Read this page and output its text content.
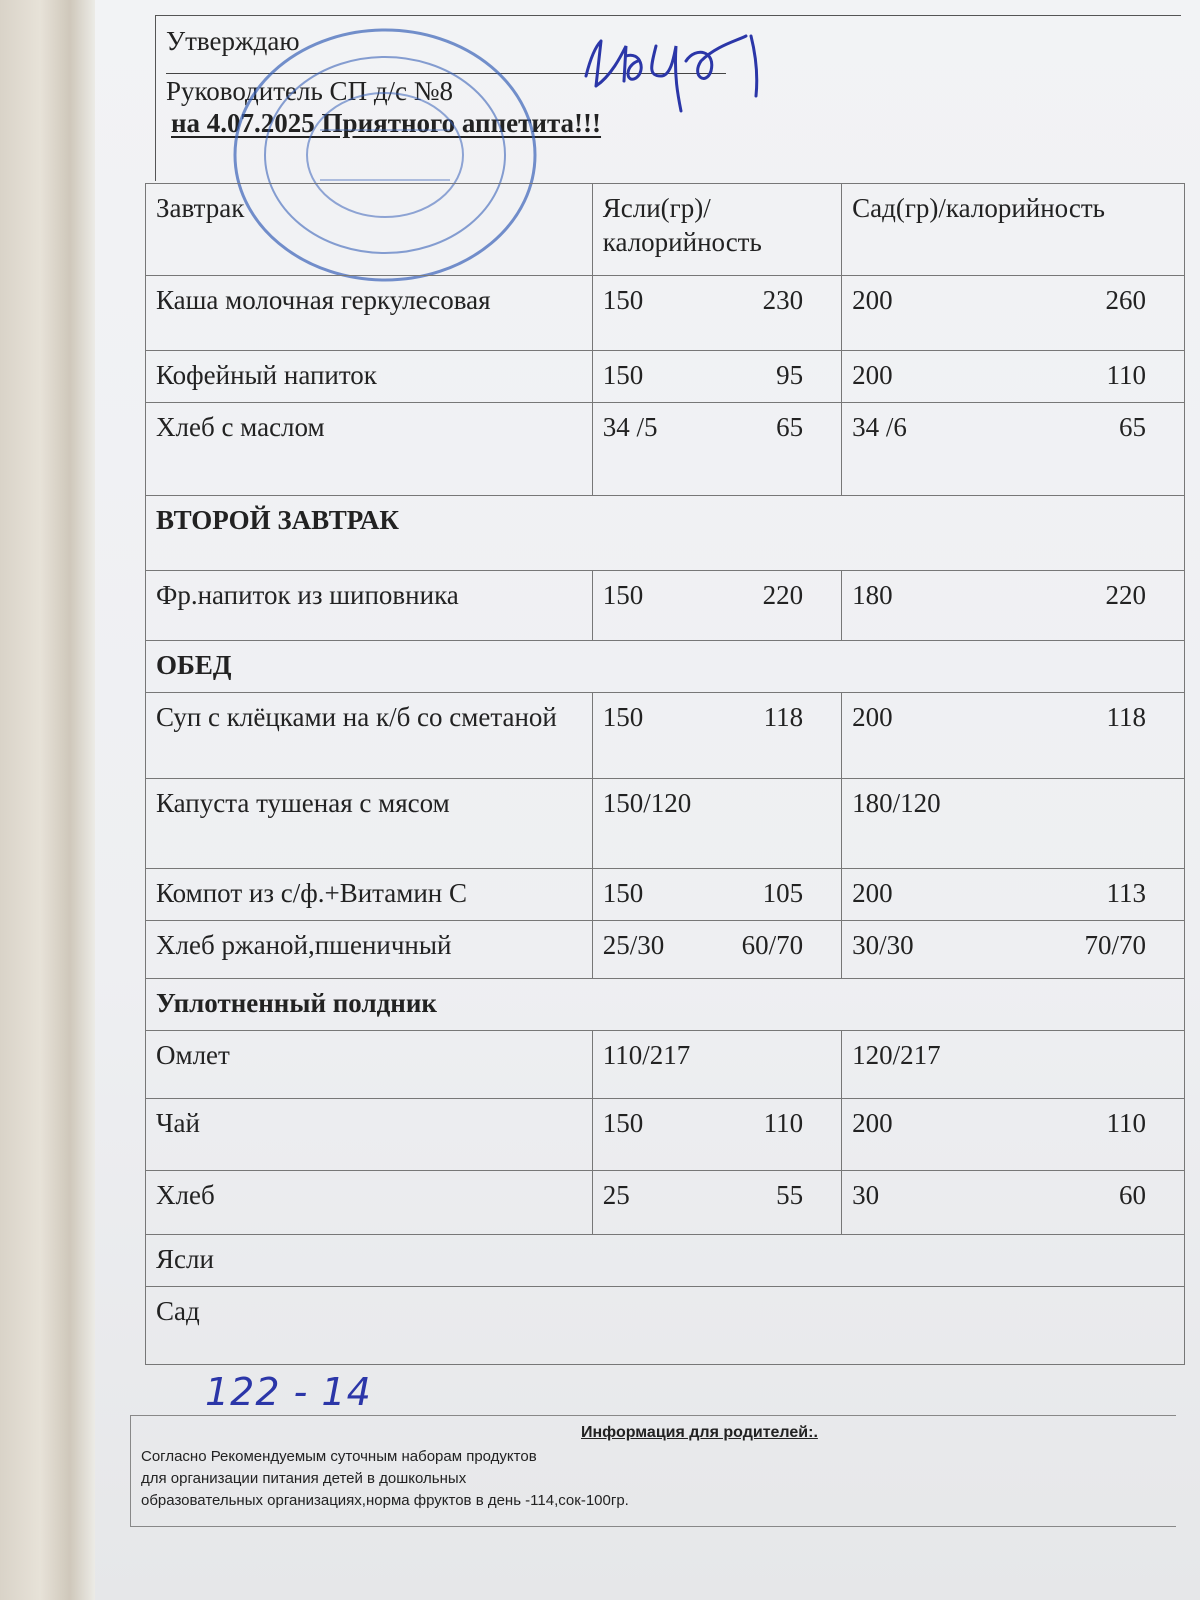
Утверждаю
Руководитель СП д/с №8
на 4.07.2025 Приятного аппетита!!!
Завтрак	Ясли(гр)/калорийность	Сад(гр)/калорийность
Каша молочная геркулесовая	150 230	200 260

Кофейный напиток	150 95	200 110

Хлеб с маслом	34 /5 65	34 /6 65

ВТОРОЙ ЗАВТРАК		
Фр.напиток из шиповника	150 220	180 220

ОБЕД		
Суп с клёцками на к/б со сметаной	150 118	200 118

Капуста тушеная с мясом	150/120	180/120

Компот из с/ф.+Витамин С	150 105	200 113

Хлеб ржаной,пшеничный	25/30 60/70	30/30 70/70

Уплотненный полдник		
Омлет	110/217	120/217

Чай	150 110	200 110

Хлеб	25 55	30 60

Ясли		
Сад		
122 - 14
Информация для родителей:.
Согласно Рекомендуемым суточным наборам продуктов
для организации питания детей в дошкольных
образовательных организациях,норма фруктов в день -114,сок-100гр.
